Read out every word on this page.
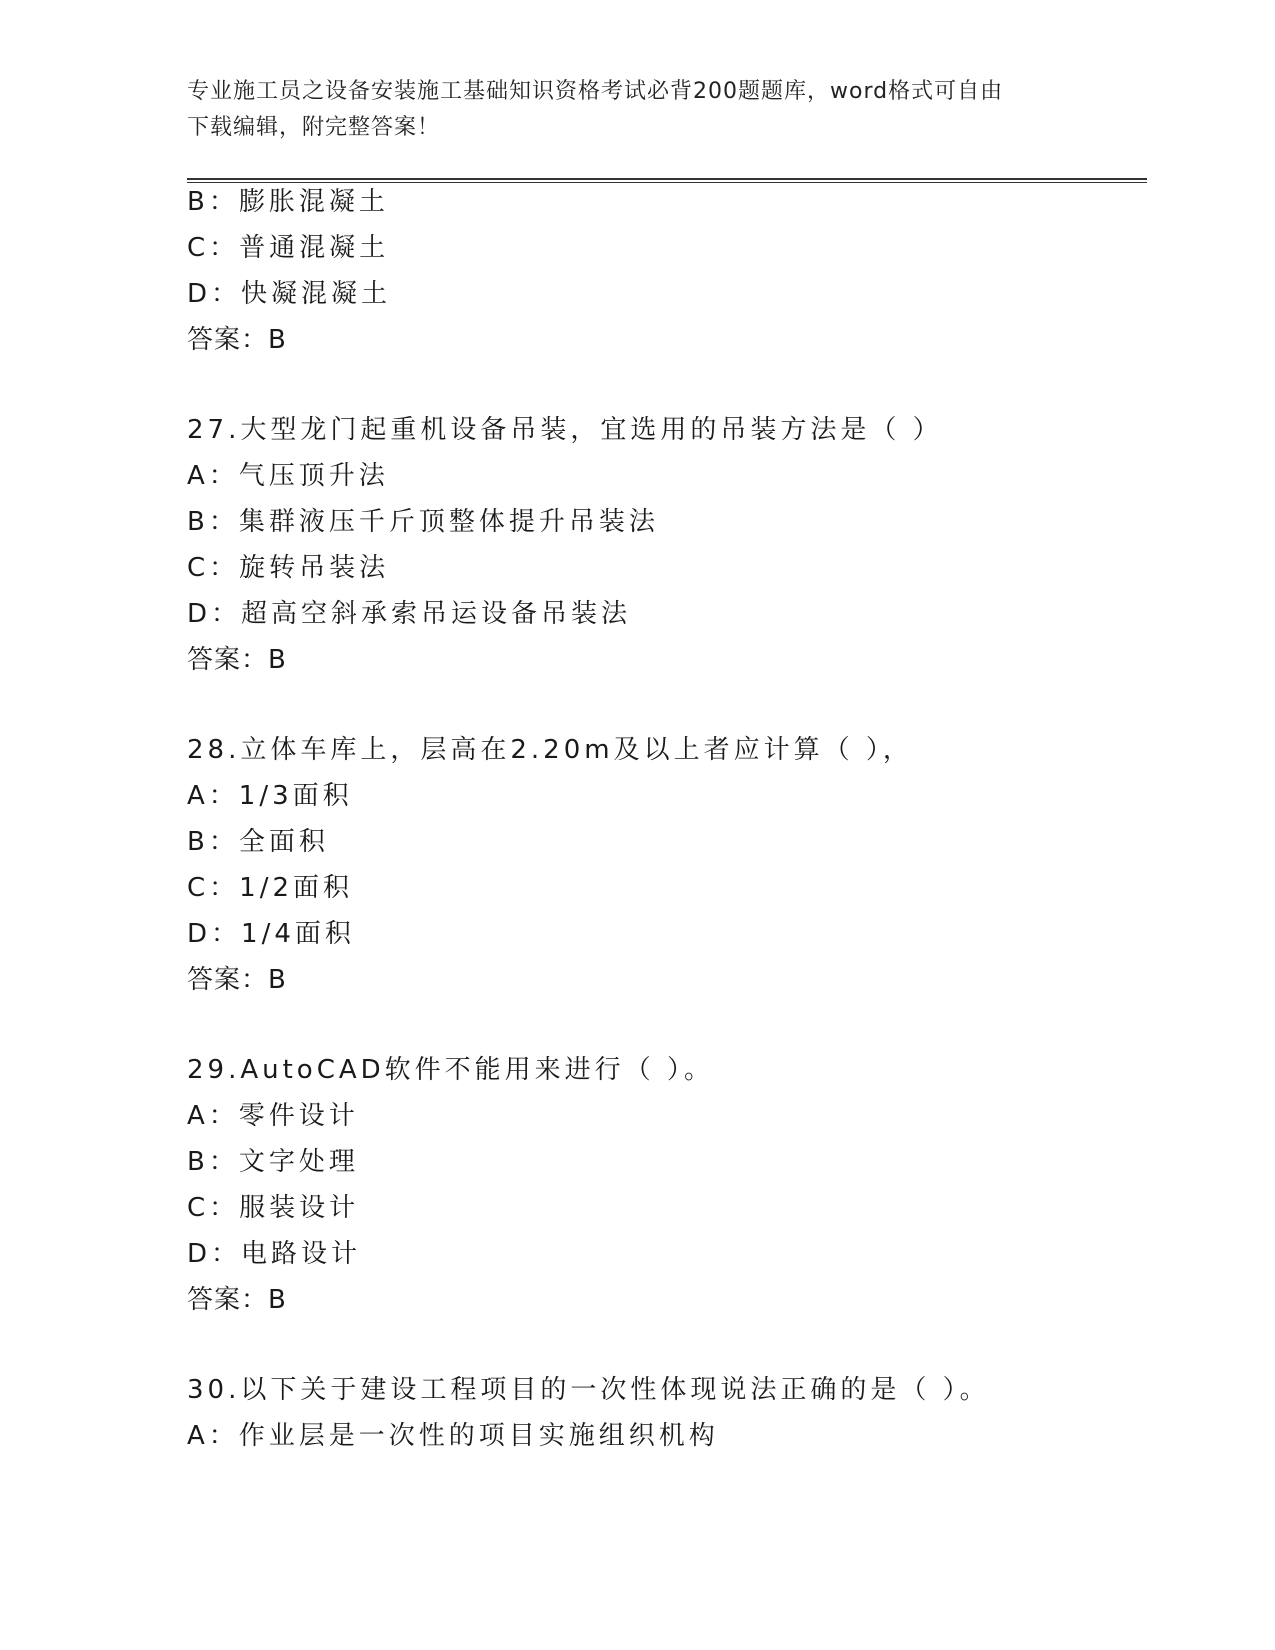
专业施工员之设备安装施工基础知识资格考试必背200题题库，word格式可自由
下载编辑，附完整答案！
B：膨胀混凝土
C：普通混凝土
D：快凝混凝土
答案：B
27.大型龙门起重机设备吊装，宜选用的吊装方法是（ ）
A：气压顶升法
B：集群液压千斤顶整体提升吊装法
C：旋转吊装法
D：超高空斜承索吊运设备吊装法
答案：B
28.立体车库上，层高在2.20m及以上者应计算（ ），
A：1/3面积
B：全面积
C：1/2面积
D：1/4面积
答案：B
29.AutoCAD软件不能用来进行（ ）。
A：零件设计
B：文字处理
C：服装设计
D：电路设计
答案：B
30.以下关于建设工程项目的一次性体现说法正确的是（ ）。
A：作业层是一次性的项目实施组织机构
